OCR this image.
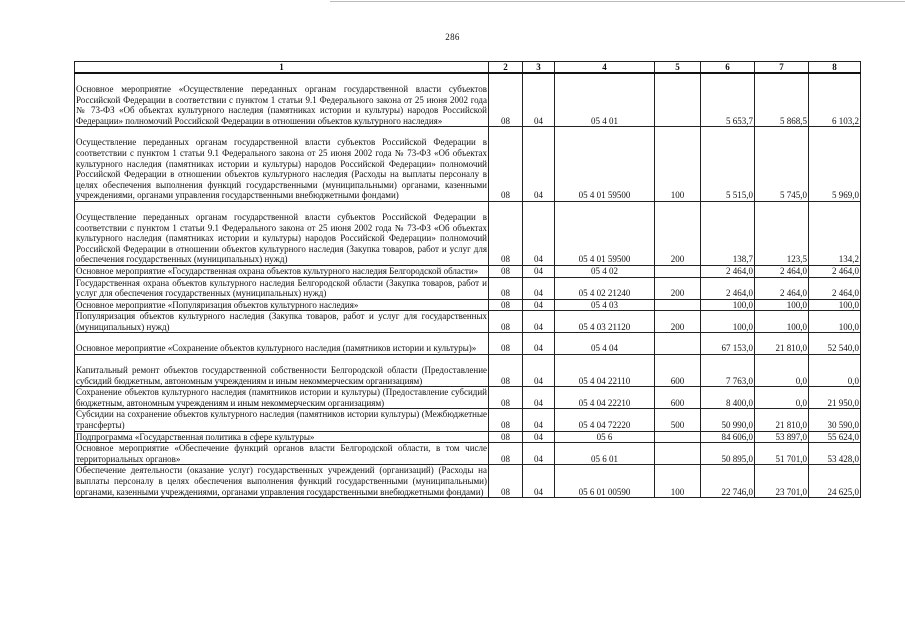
286
1	2	3	4	5	6	7	8

Основное мероприятие «Осуществление переданных органам государственной власти субъектов Российской Федерации в соответствии с пунктом 1 статьи 9.1 Федерального закона от 25 июня 2002 года № 73-ФЗ «Об объектах культурного наследия (памятниках истории и культуры) народов Российской Федерации» полномочий Российской Федерации в отношении объектов культурного наследия»	08	04	05 4 01		5 653,7	5 868,5	6 103,2

Осуществление переданных органам государственной власти субъектов Российской Федерации в соответствии с пунктом 1 статьи 9.1 Федерального закона от 25 июня 2002 года № 73-ФЗ «Об объектах культурного наследия (памятниках истории и культуры) народов Российской Федерации» полномочий Российской Федерации в отношении объектов культурного наследия (Расходы на выплаты персоналу в целях обеспечения выполнения функций государственными (муниципальными) органами, казенными учреждениями, органами управления государственными внебюджетными фондами)	08	04	05 4 01 59500	100	5 515,0	5 745,0	5 969,0

Осуществление переданных органам государственной власти субъектов Российской Федерации в соответствии с пунктом 1 статьи 9.1 Федерального закона от 25 июня 2002 года № 73-ФЗ «Об объектах культурного наследия (памятниках истории и культуры) народов Российской Федерации» полномочий Российской Федерации в отношении объектов культурного наследия (Закупка товаров, работ и услуг для обеспечения государственных (муниципальных) нужд)	08	04	05 4 01 59500	200	138,7	123,5	134,2
Основное мероприятие «Государственная охрана объектов культурного наследия Белгородской области»	08	04	05 4 02		2 464,0	2 464,0	2 464,0
Государственная охрана объектов культурного наследия Белгородской области (Закупка товаров, работ и услуг для обеспечения государственных (муниципальных) нужд)	08	04	05 4 02 21240	200	2 464,0	2 464,0	2 464,0
Основное мероприятие «Популяризация объектов культурного наследия»	08	04	05 4 03		100,0	100,0	100,0
Популяризация объектов культурного наследия (Закупка товаров, работ и услуг для государственных (муниципальных) нужд)	08	04	05 4 03 21120	200	100,0	100,0	100,0

Основное мероприятие «Сохранение объектов культурного наследия (памятников истории и культуры)»	08	04	05 4 04		67 153,0	21 810,0	52 540,0

Капитальный ремонт объектов государственной собственности Белгородской области (Предоставление субсидий бюджетным, автономным учреждениям и иным некоммерческим организациям)	08	04	05 4 04 22110	600	7 763,0	0,0	0,0
Сохранение объектов культурного наследия (памятников истории и культуры) (Предоставление субсидий бюджетным, автономным учреждениям и иным некоммерческим организациям)	08	04	05 4 04 22210	600	8 400,0	0,0	21 950,0
Субсидии на сохранение объектов культурного наследия (памятников истории культуры) (Межбюджетные трансферты)	08	04	05 4 04 72220	500	50 990,0	21 810,0	30 590,0
Подпрограмма «Государственная политика в сфере культуры»	08	04	05 6		84 606,0	53 897,0	55 624,0
Основное мероприятие «Обеспечение функций органов власти Белгородской области, в том числе территориальных органов»	08	04	05 6 01		50 895,0	51 701,0	53 428,0
Обеспечение деятельности (оказание услуг) государственных учреждений (организаций) (Расходы на выплаты персоналу в целях обеспечения выполнения функций государственными (муниципальными) органами, казенными учреждениями, органами управления государственными внебюджетными фондами)	08	04	05 6 01 00590	100	22 746,0	23 701,0	24 625,0
